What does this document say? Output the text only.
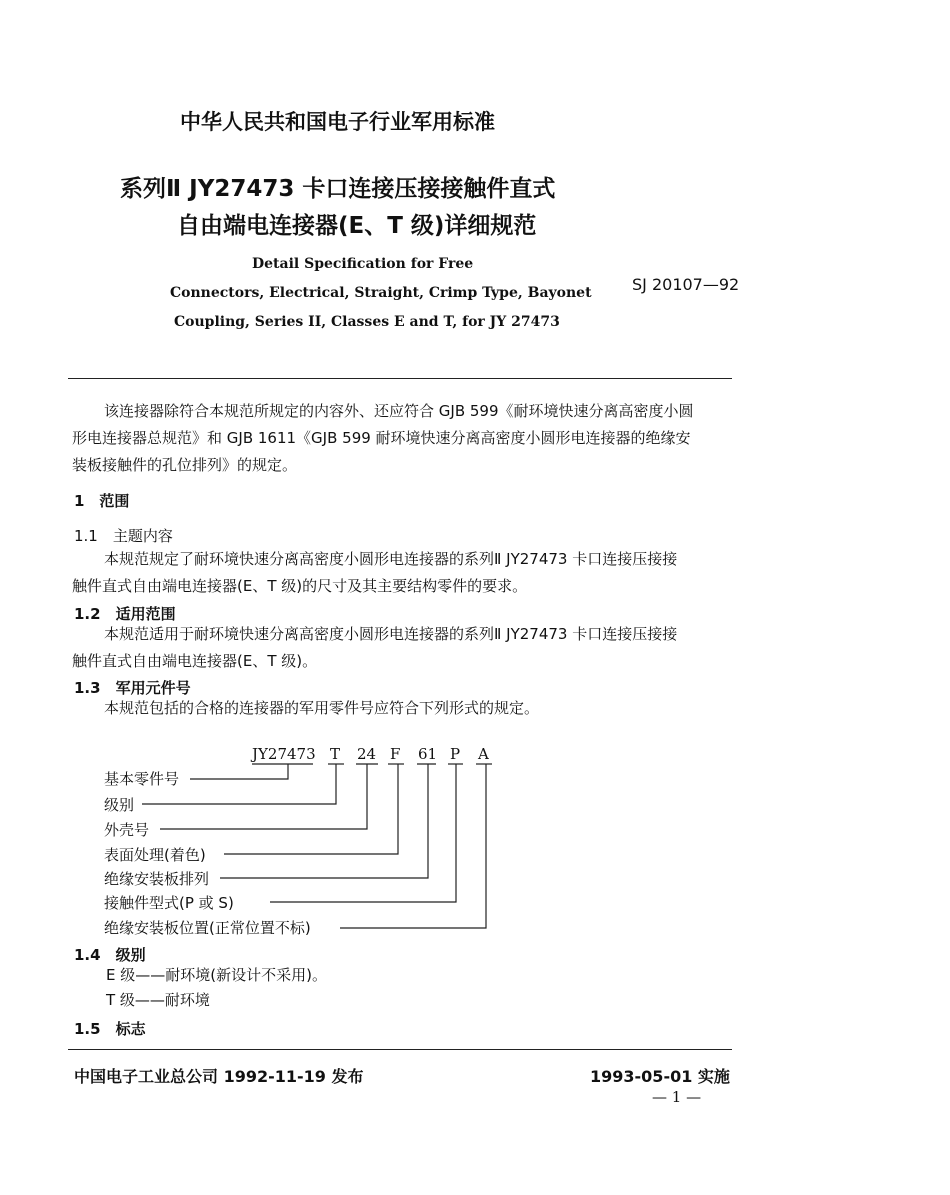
中华人民共和国电子行业军用标准
系列Ⅱ JY27473 卡口连接压接接触件直式
自由端电连接器(E、T 级)详细规范
Detail Specification for Free
Connectors, Electrical, Straight, Crimp Type, Bayonet
Coupling, Series II, Classes E and T, for JY 27473
SJ 20107—92
该连接器除符合本规范所规定的内容外、还应符合 GJB 599《耐环境快速分离高密度小圆
形电连接器总规范》和 GJB 1611《GJB 599 耐环境快速分离高密度小圆形电连接器的绝缘安
装板接触件的孔位排列》的规定。
1　范围
1.1　主题内容
本规范规定了耐环境快速分离高密度小圆形电连接器的系列Ⅱ JY27473 卡口连接压接接
触件直式自由端电连接器(E、T 级)的尺寸及其主要结构零件的要求。
1.2　适用范围
本规范适用于耐环境快速分离高密度小圆形电连接器的系列Ⅱ JY27473 卡口连接压接接
触件直式自由端电连接器(E、T 级)。
1.3　军用元件号
本规范包括的合格的连接器的军用零件号应符合下列形式的规定。
JY27473 T 24 F 61 P A
基本零件号
级别
外壳号
表面处理(着色)
绝缘安装板排列
接触件型式(P 或 S)
绝缘安装板位置(正常位置不标)
1.4　级别
E 级——耐环境(新设计不采用)。
T 级——耐环境
1.5　标志
中国电子工业总公司 1992-11-19 发布	1993-05-01 实施
— 1 —
